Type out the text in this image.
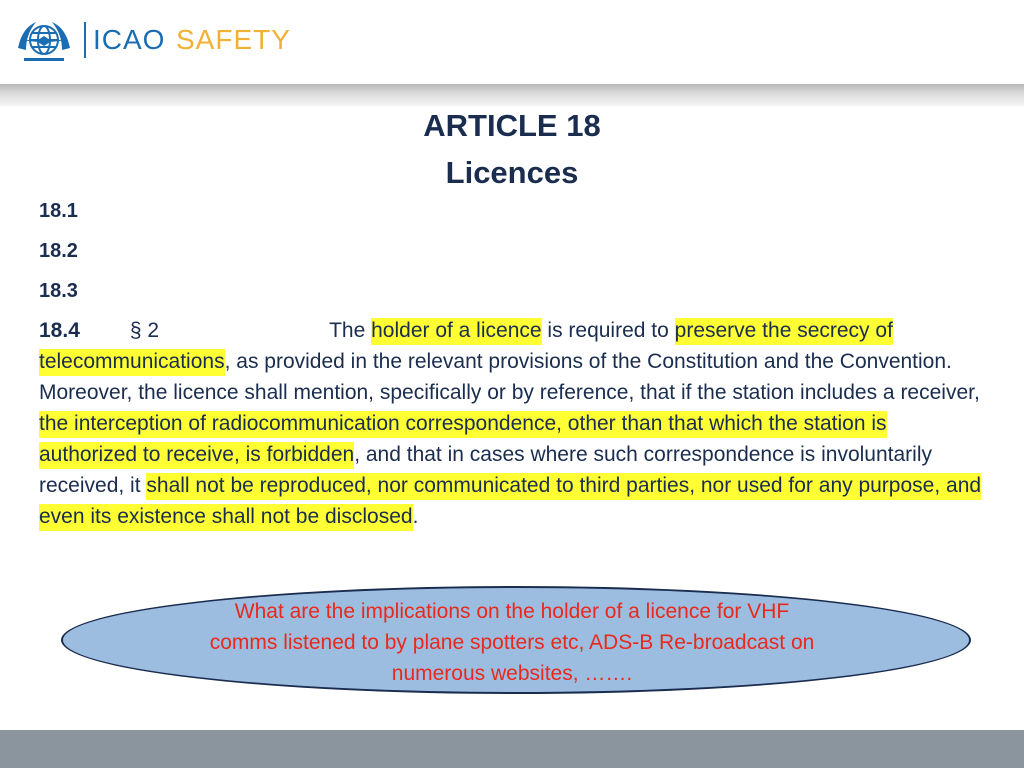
ICAO SAFETY
ARTICLE 18
Licences
18.1
18.2
18.3
18.4 § 2	The holder of a licence is required to preserve the secrecy of telecommunications, as provided in the relevant provisions of the Constitution and the Convention. Moreover, the licence shall mention, specifically or by reference, that if the station includes a receiver, the interception of radiocommunication correspondence, other than that which the station is authorized to receive, is forbidden, and that in cases where such correspondence is involuntarily received, it shall not be reproduced, nor communicated to third parties, nor used for any purpose, and even its existence shall not be disclosed.
What are the implications on the holder of a licence for VHF comms listened to by plane spotters etc, ADS-B Re-broadcast on numerous websites, …….
